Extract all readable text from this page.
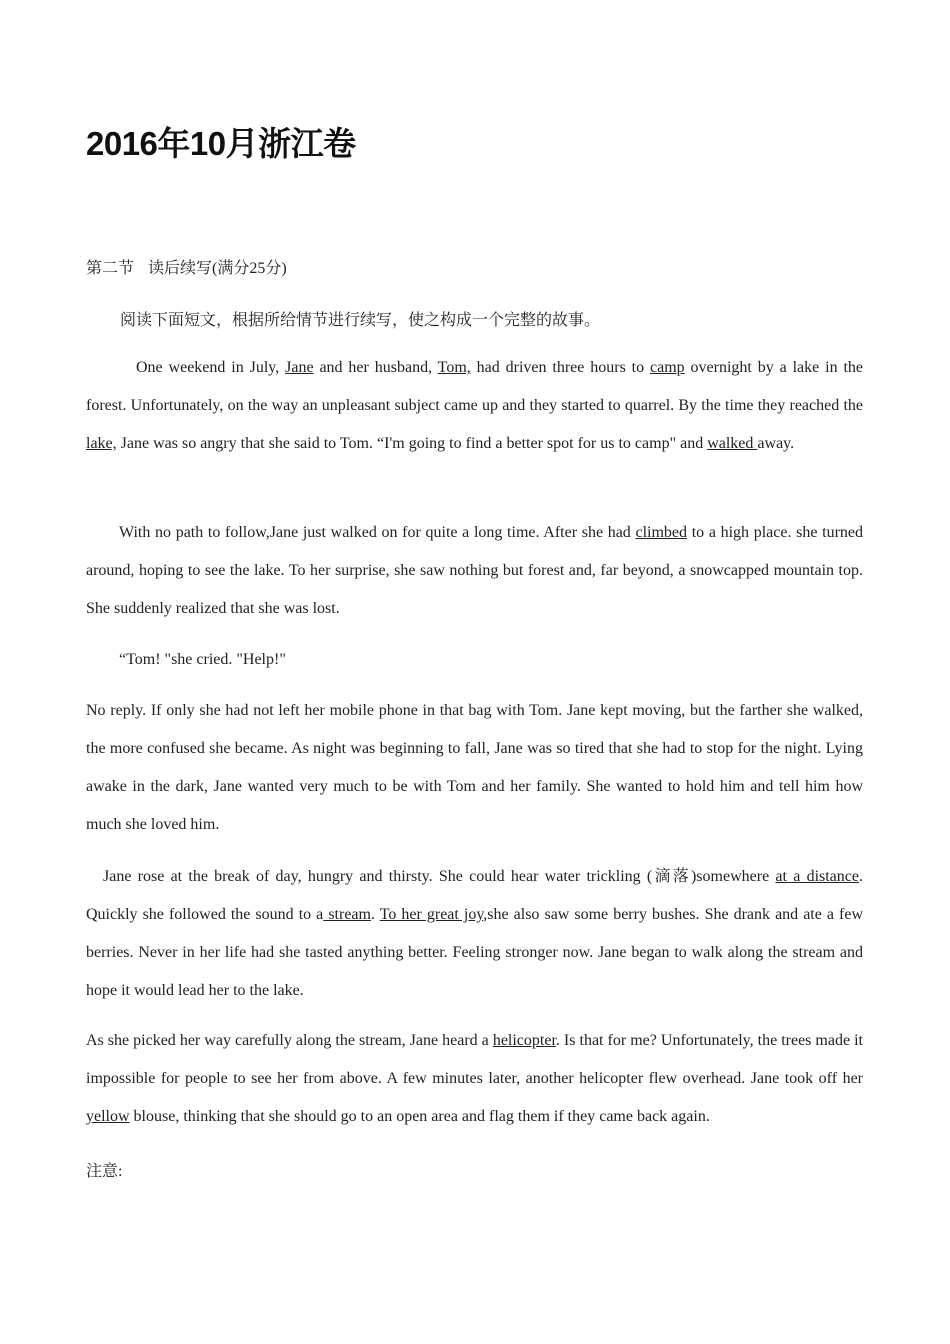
2016年10月浙江卷
第二节 读后续写(满分25分)
阅读下面短文，根据所给情节进行续写，使之构成一个完整的故事。

One weekend in July, Jane and her husband, Tom, had driven three hours to camp overnight by a lake in the forest. Unfortunately, on the way an unpleasant subject came up and they started to quarrel. By the time they reached the lake, Jane was so angry that she said to Tom. “I'm going to find a better spot for us to camp" and walked away.

With no path to follow,Jane just walked on for quite a long time. After she had climbed to a high place. she turned around, hoping to see the lake. To her surprise, she saw nothing but forest and, far beyond, a snowcapped mountain top. She suddenly realized that she was lost.

“Tom! "she cried. "Help!"

No reply. If only she had not left her mobile phone in that bag with Tom. Jane kept moving, but the farther she walked, the more confused she became. As night was beginning to fall, Jane was so tired that she had to stop for the night. Lying awake in the dark, Jane wanted very much to be with Tom and her family. She wanted to hold him and tell him how much she loved him.

Jane rose at the break of day, hungry and thirsty. She could hear water trickling (滴落)somewhere at a distance. Quickly she followed the sound to a stream. To her great joy,she also saw some berry bushes. She drank and ate a few berries. Never in her life had she tasted anything better. Feeling stronger now. Jane began to walk along the stream and hope it would lead her to the lake.

As she picked her way carefully along the stream, Jane heard a helicopter. Is that for me? Unfortunately, the trees made it impossible for people to see her from above. A few minutes later, another helicopter flew overhead. Jane took off her yellow blouse, thinking that she should go to an open area and flag them if they came back again.

注意:
